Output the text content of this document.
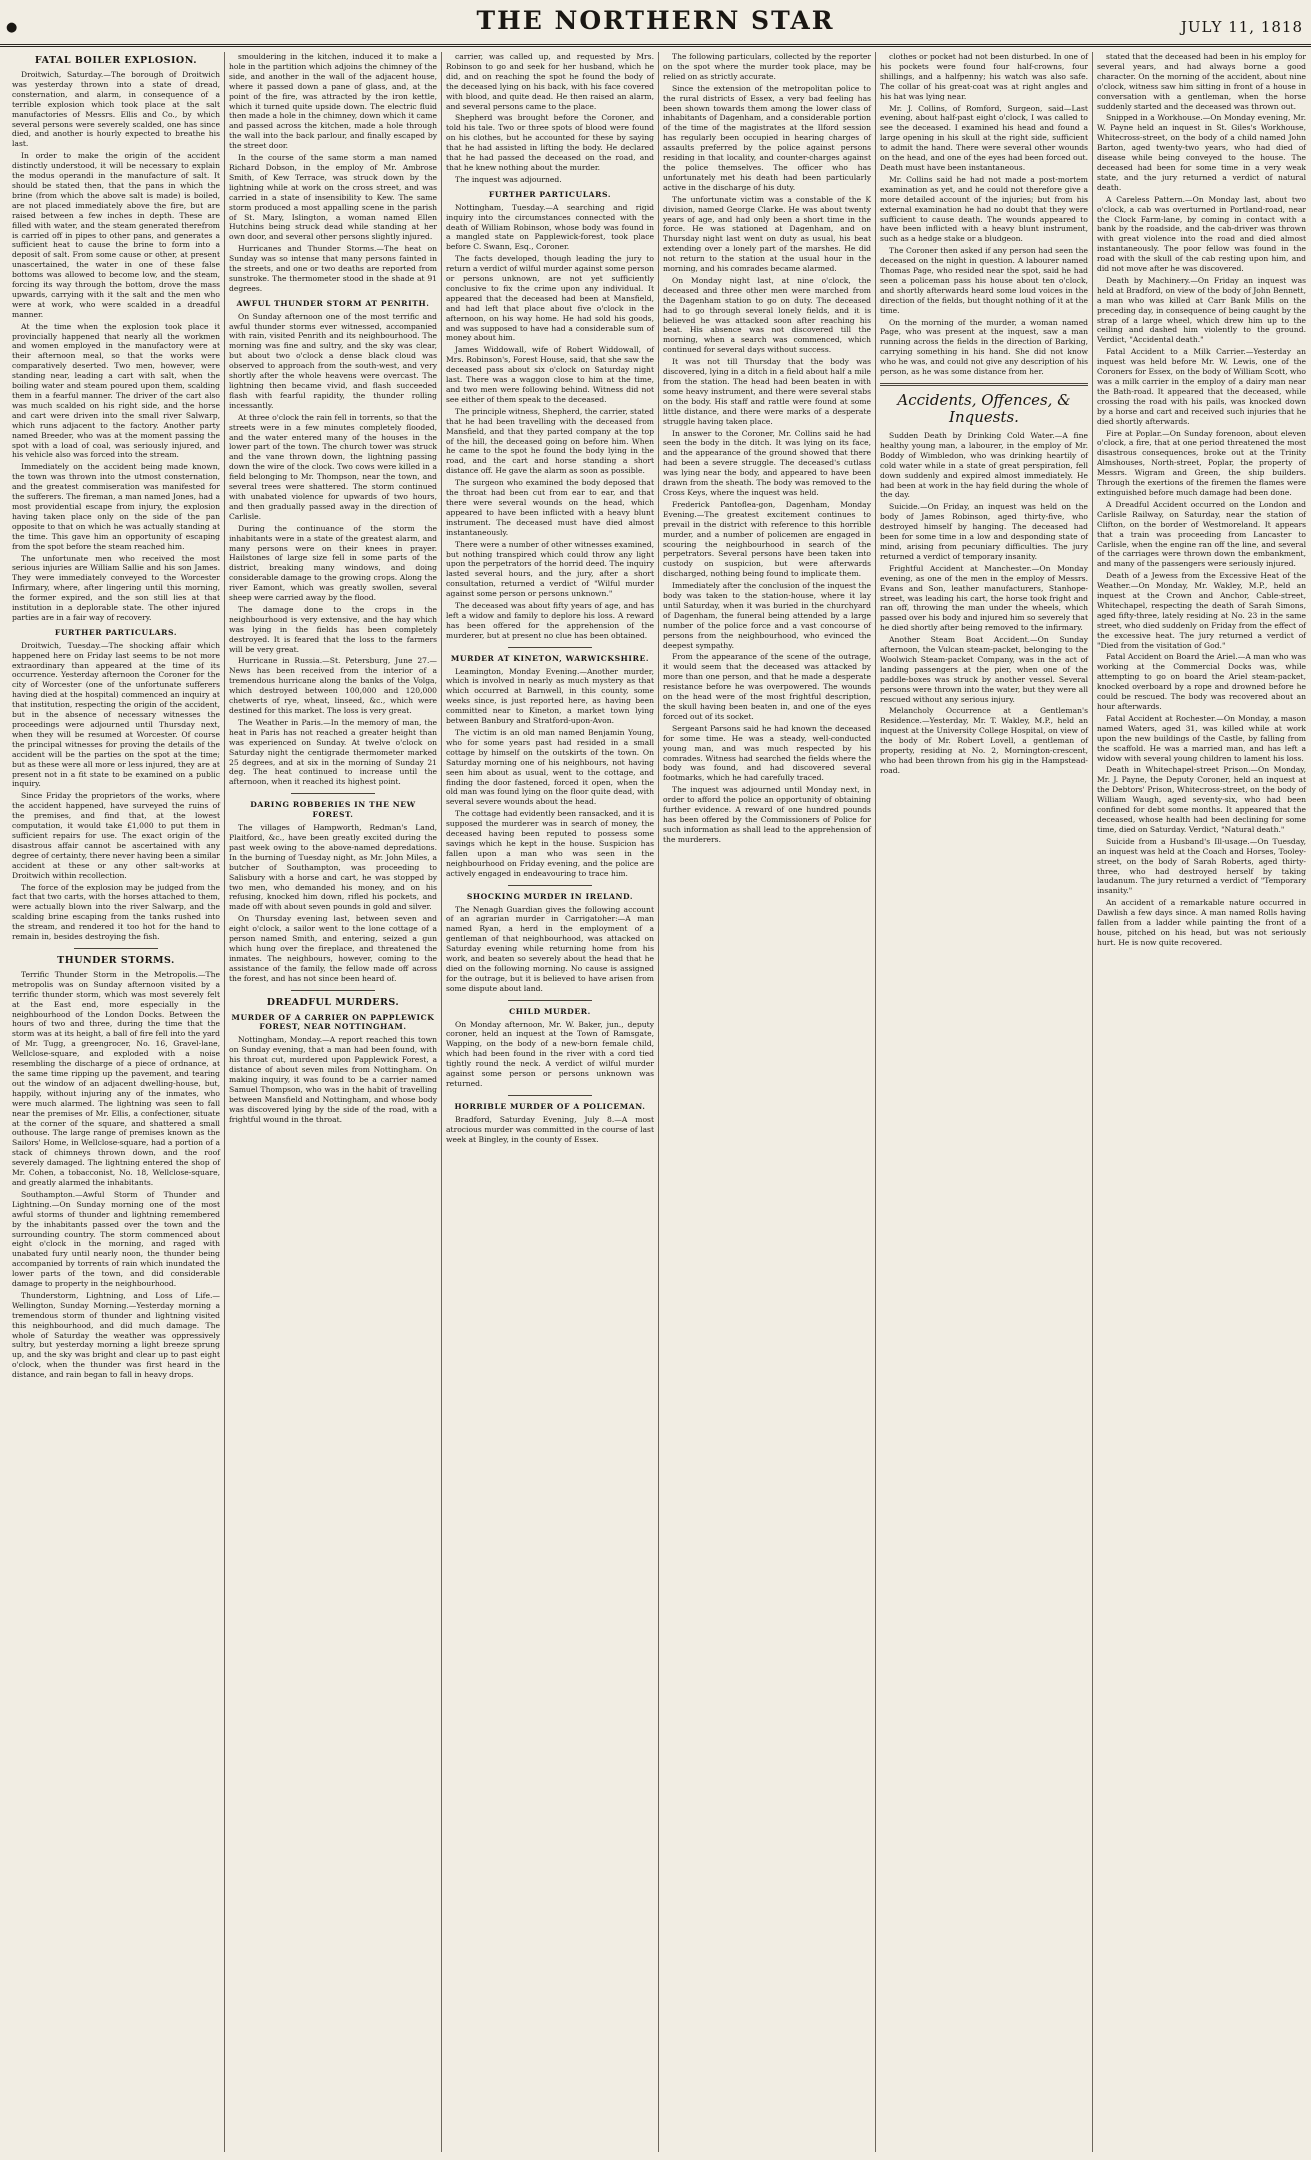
●	THE NORTHERN STAR	JULY 11, 1818
FATAL BOILER EXPLOSION.

Droitwich, Saturday.—The borough of Droitwich was yesterday thrown into a state of dread, consternation, and alarm, in consequence of a terrible explosion which took place at the salt manufactories of Messrs. Ellis and Co., by which several persons were severely scalded, one has since died, and another is hourly expected to breathe his last.

In order to make the origin of the accident distinctly understood, it will be necessary to explain the modus operandi in the manufacture of salt. It should be stated then, that the pans in which the brine (from which the above salt is made) is boiled, are not placed immediately above the fire, but are raised between a few inches in depth. These are filled with water, and the steam generated therefrom is carried off in pipes to other pans, and generates a sufficient heat to cause the brine to form into a deposit of salt. From some cause or other, at present unascertained, the water in one of these false bottoms was allowed to become low, and the steam, forcing its way through the bottom, drove the mass upwards, carrying with it the salt and the men who were at work, who were scalded in a dreadful manner.

At the time when the explosion took place it provincially happened that nearly all the workmen and women employed in the manufactory were at their afternoon meal, so that the works were comparatively deserted. Two men, however, were standing near, leading a cart with salt, when the boiling water and steam poured upon them, scalding them in a fearful manner. The driver of the cart also was much scalded on his right side, and the horse and cart were driven into the small river Salwarp, which runs adjacent to the factory. Another party named Breeder, who was at the moment passing the spot with a load of coal, was seriously injured, and his vehicle also was forced into the stream.

Immediately on the accident being made known, the town was thrown into the utmost consternation, and the greatest commiseration was manifested for the sufferers. The fireman, a man named Jones, had a most providential escape from injury, the explosion having taken place only on the side of the pan opposite to that on which he was actually standing at the time. This gave him an opportunity of escaping from the spot before the steam reached him.

The unfortunate men who received the most serious injuries are William Sallie and his son James. They were immediately conveyed to the Worcester Infirmary, where, after lingering until this morning, the former expired, and the son still lies at that institution in a deplorable state. The other injured parties are in a fair way of recovery.

FURTHER PARTICULARS.

Droitwich, Tuesday.—The shocking affair which happened here on Friday last seems to be not more extraordinary than appeared at the time of its occurrence. Yesterday afternoon the Coroner for the city of Worcester (one of the unfortunate sufferers having died at the hospital) commenced an inquiry at that institution, respecting the origin of the accident, but in the absence of necessary witnesses the proceedings were adjourned until Thursday next, when they will be resumed at Worcester. Of course the principal witnesses for proving the details of the accident will be the parties on the spot at the time; but as these were all more or less injured, they are at present not in a fit state to be examined on a public inquiry.

Since Friday the proprietors of the works, where the accident happened, have surveyed the ruins of the premises, and find that, at the lowest computation, it would take £1,000 to put them in sufficient repairs for use. The exact origin of the disastrous affair cannot be ascertained with any degree of certainty, there never having been a similar accident at these or any other salt-works at Droitwich within recollection.

The force of the explosion may be judged from the fact that two carts, with the horses attached to them, were actually blown into the river Salwarp, and the scalding brine escaping from the tanks rushed into the stream, and rendered it too hot for the hand to remain in, besides destroying the fish.

THUNDER STORMS.

Terrific Thunder Storm in the Metropolis.—The metropolis was on Sunday afternoon visited by a terrific thunder storm, which was most severely felt at the East end, more especially in the neighbourhood of the London Docks. Between the hours of two and three, during the time that the storm was at its height, a ball of fire fell into the yard of Mr. Tugg, a greengrocer, No. 16, Gravel-lane, Wellclose-square, and exploded with a noise resembling the discharge of a piece of ordnance, at the same time ripping up the pavement, and tearing out the window of an adjacent dwelling-house, but, happily, without injuring any of the inmates, who were much alarmed. The lightning was seen to fall near the premises of Mr. Ellis, a confectioner, situate at the corner of the square, and shattered a small outhouse. The large range of premises known as the Sailors' Home, in Wellclose-square, had a portion of a stack of chimneys thrown down, and the roof severely damaged. The lightning entered the shop of Mr. Cohen, a tobacconist, No. 18, Wellclose-square, and greatly alarmed the inhabitants.

Southampton.—Awful Storm of Thunder and Lightning.—On Sunday morning one of the most awful storms of thunder and lightning remembered by the inhabitants passed over the town and the surrounding country. The storm commenced about eight o'clock in the morning, and raged with unabated fury until nearly noon, the thunder being accompanied by torrents of rain which inundated the lower parts of the town, and did considerable damage to property in the neighbourhood.

Thunderstorm, Lightning, and Loss of Life.—Wellington, Sunday Morning.—Yesterday morning a tremendous storm of thunder and lightning visited this neighbourhood, and did much damage. The whole of Saturday the weather was oppressively sultry, but yesterday morning a light breeze sprung up, and the sky was bright and clear up to past eight o'clock, when the thunder was first heard in the distance, and rain began to fall in heavy drops.

smouldering in the kitchen, induced it to make a hole in the partition which adjoins the chimney of the side, and another in the wall of the adjacent house, where it passed down a pane of glass, and, at the point of the fire, was attracted by the iron kettle, which it turned quite upside down. The electric fluid then made a hole in the chimney, down which it came and passed across the kitchen, made a hole through the wall into the back parlour, and finally escaped by the street door.

In the course of the same storm a man named Richard Dobson, in the employ of Mr. Ambrose Smith, of Kew Terrace, was struck down by the lightning while at work on the cross street, and was carried in a state of insensibility to Kew. The same storm produced a most appalling scene in the parish of St. Mary, Islington, a woman named Ellen Hutchins being struck dead while standing at her own door, and several other persons slightly injured.

Hurricanes and Thunder Storms.—The heat on Sunday was so intense that many persons fainted in the streets, and one or two deaths are reported from sunstroke. The thermometer stood in the shade at 91 degrees.

AWFUL THUNDER STORM AT PENRITH.

On Sunday afternoon one of the most terrific and awful thunder storms ever witnessed, accompanied with rain, visited Penrith and its neighbourhood. The morning was fine and sultry, and the sky was clear, but about two o'clock a dense black cloud was observed to approach from the south-west, and very shortly after the whole heavens were overcast. The lightning then became vivid, and flash succeeded flash with fearful rapidity, the thunder rolling incessantly.

At three o'clock the rain fell in torrents, so that the streets were in a few minutes completely flooded, and the water entered many of the houses in the lower part of the town. The church tower was struck and the vane thrown down, the lightning passing down the wire of the clock. Two cows were killed in a field belonging to Mr. Thompson, near the town, and several trees were shattered. The storm continued with unabated violence for upwards of two hours, and then gradually passed away in the direction of Carlisle.

During the continuance of the storm the inhabitants were in a state of the greatest alarm, and many persons were on their knees in prayer. Hailstones of large size fell in some parts of the district, breaking many windows, and doing considerable damage to the growing crops. Along the river Eamont, which was greatly swollen, several sheep were carried away by the flood.

The damage done to the crops in the neighbourhood is very extensive, and the hay which was lying in the fields has been completely destroyed. It is feared that the loss to the farmers will be very great.

Hurricane in Russia.—St. Petersburg, June 27.—News has been received from the interior of a tremendous hurricane along the banks of the Volga, which destroyed between 100,000 and 120,000 chetwerts of rye, wheat, linseed, &c., which were destined for this market. The loss is very great.

The Weather in Paris.—In the memory of man, the heat in Paris has not reached a greater height than was experienced on Sunday. At twelve o'clock on Saturday night the centigrade thermometer marked 25 degrees, and at six in the morning of Sunday 21 deg. The heat continued to increase until the afternoon, when it reached its highest point.

DARING ROBBERIES IN THE NEW FOREST.

The villages of Hampworth, Redman's Land, Plaitford, &c., have been greatly excited during the past week owing to the above-named depredations. In the burning of Tuesday night, as Mr. John Miles, a butcher of Southampton, was proceeding to Salisbury with a horse and cart, he was stopped by two men, who demanded his money, and on his refusing, knocked him down, rifled his pockets, and made off with about seven pounds in gold and silver.

On Thursday evening last, between seven and eight o'clock, a sailor went to the lone cottage of a person named Smith, and entering, seized a gun which hung over the fireplace, and threatened the inmates. The neighbours, however, coming to the assistance of the family, the fellow made off across the forest, and has not since been heard of.

DREADFUL MURDERS.
MURDER OF A CARRIER ON PAPPLEWICK FOREST, NEAR NOTTINGHAM.

Nottingham, Monday.—A report reached this town on Sunday evening, that a man had been found, with his throat cut, murdered upon Papplewick Forest, a distance of about seven miles from Nottingham. On making inquiry, it was found to be a carrier named Samuel Thompson, who was in the habit of travelling between Mansfield and Nottingham, and whose body was discovered lying by the side of the road, with a frightful wound in the throat.

carrier, was called up, and requested by Mrs. Robinson to go and seek for her husband, which he did, and on reaching the spot he found the body of the deceased lying on his back, with his face covered with blood, and quite dead. He then raised an alarm, and several persons came to the place.

Shepherd was brought before the Coroner, and told his tale. Two or three spots of blood were found on his clothes, but he accounted for these by saying that he had assisted in lifting the body. He declared that he had passed the deceased on the road, and that he knew nothing about the murder.

The inquest was adjourned.

FURTHER PARTICULARS.

Nottingham, Tuesday.—A searching and rigid inquiry into the circumstances connected with the death of William Robinson, whose body was found in a mangled state on Papplewick-forest, took place before C. Swann, Esq., Coroner.

The facts developed, though leading the jury to return a verdict of wilful murder against some person or persons unknown, are not yet sufficiently conclusive to fix the crime upon any individual. It appeared that the deceased had been at Mansfield, and had left that place about five o'clock in the afternoon, on his way home. He had sold his goods, and was supposed to have had a considerable sum of money about him.

James Widdowall, wife of Robert Widdowall, of Mrs. Robinson's, Forest House, said, that she saw the deceased pass about six o'clock on Saturday night last. There was a waggon close to him at the time, and two men were following behind. Witness did not see either of them speak to the deceased.

The principle witness, Shepherd, the carrier, stated that he had been travelling with the deceased from Mansfield, and that they parted company at the top of the hill, the deceased going on before him. When he came to the spot he found the body lying in the road, and the cart and horse standing a short distance off. He gave the alarm as soon as possible.

The surgeon who examined the body deposed that the throat had been cut from ear to ear, and that there were several wounds on the head, which appeared to have been inflicted with a heavy blunt instrument. The deceased must have died almost instantaneously.

There were a number of other witnesses examined, but nothing transpired which could throw any light upon the perpetrators of the horrid deed. The inquiry lasted several hours, and the jury, after a short consultation, returned a verdict of "Wilful murder against some person or persons unknown."

The deceased was about fifty years of age, and has left a widow and family to deplore his loss. A reward has been offered for the apprehension of the murderer, but at present no clue has been obtained.

MURDER AT KINETON, WARWICKSHIRE.

Leamington, Monday Evening.—Another murder, which is involved in nearly as much mystery as that which occurred at Barnwell, in this county, some weeks since, is just reported here, as having been committed near to Kineton, a market town lying between Banbury and Stratford-upon-Avon.

The victim is an old man named Benjamin Young, who for some years past had resided in a small cottage by himself on the outskirts of the town. On Saturday morning one of his neighbours, not having seen him about as usual, went to the cottage, and finding the door fastened, forced it open, when the old man was found lying on the floor quite dead, with several severe wounds about the head.

The cottage had evidently been ransacked, and it is supposed the murderer was in search of money, the deceased having been reputed to possess some savings which he kept in the house. Suspicion has fallen upon a man who was seen in the neighbourhood on Friday evening, and the police are actively engaged in endeavouring to trace him.

SHOCKING MURDER IN IRELAND.

The Nenagh Guardian gives the following account of an agrarian murder in Carrigatoher:—A man named Ryan, a herd in the employment of a gentleman of that neighbourhood, was attacked on Saturday evening while returning home from his work, and beaten so severely about the head that he died on the following morning. No cause is assigned for the outrage, but it is believed to have arisen from some dispute about land.

CHILD MURDER.

On Monday afternoon, Mr. W. Baker, jun., deputy coroner, held an inquest at the Town of Ramsgate, Wapping, on the body of a new-born female child, which had been found in the river with a cord tied tightly round the neck. A verdict of wilful murder against some person or persons unknown was returned.

HORRIBLE MURDER OF A POLICEMAN.

Bradford, Saturday Evening, July 8.—A most atrocious murder was committed in the course of last week at Bingley, in the county of Essex.

The following particulars, collected by the reporter on the spot where the murder took place, may be relied on as strictly accurate.

Since the extension of the metropolitan police to the rural districts of Essex, a very bad feeling has been shown towards them among the lower class of inhabitants of Dagenham, and a considerable portion of the time of the magistrates at the Ilford session has regularly been occupied in hearing charges of assaults preferred by the police against persons residing in that locality, and counter-charges against the police themselves. The officer who has unfortunately met his death had been particularly active in the discharge of his duty.

The unfortunate victim was a constable of the K division, named George Clarke. He was about twenty years of age, and had only been a short time in the force. He was stationed at Dagenham, and on Thursday night last went on duty as usual, his beat extending over a lonely part of the marshes. He did not return to the station at the usual hour in the morning, and his comrades became alarmed.

On Monday night last, at nine o'clock, the deceased and three other men were marched from the Dagenham station to go on duty. The deceased had to go through several lonely fields, and it is believed he was attacked soon after reaching his beat. His absence was not discovered till the morning, when a search was commenced, which continued for several days without success.

It was not till Thursday that the body was discovered, lying in a ditch in a field about half a mile from the station. The head had been beaten in with some heavy instrument, and there were several stabs on the body. His staff and rattle were found at some little distance, and there were marks of a desperate struggle having taken place.

In answer to the Coroner, Mr. Collins said he had seen the body in the ditch. It was lying on its face, and the appearance of the ground showed that there had been a severe struggle. The deceased's cutlass was lying near the body, and appeared to have been drawn from the sheath. The body was removed to the Cross Keys, where the inquest was held.

Frederick Pantoflea-gon, Dagenham, Monday Evening.—The greatest excitement continues to prevail in the district with reference to this horrible murder, and a number of policemen are engaged in scouring the neighbourhood in search of the perpetrators. Several persons have been taken into custody on suspicion, but were afterwards discharged, nothing being found to implicate them.

Immediately after the conclusion of the inquest the body was taken to the station-house, where it lay until Saturday, when it was buried in the churchyard of Dagenham, the funeral being attended by a large number of the police force and a vast concourse of persons from the neighbourhood, who evinced the deepest sympathy.

From the appearance of the scene of the outrage, it would seem that the deceased was attacked by more than one person, and that he made a desperate resistance before he was overpowered. The wounds on the head were of the most frightful description, the skull having been beaten in, and one of the eyes forced out of its socket.

Sergeant Parsons said he had known the deceased for some time. He was a steady, well-conducted young man, and was much respected by his comrades. Witness had searched the fields where the body was found, and had discovered several footmarks, which he had carefully traced.

The inquest was adjourned until Monday next, in order to afford the police an opportunity of obtaining further evidence. A reward of one hundred pounds has been offered by the Commissioners of Police for such information as shall lead to the apprehension of the murderers.

clothes or pocket had not been disturbed. In one of his pockets were found four half-crowns, four shillings, and a halfpenny; his watch was also safe. The collar of his great-coat was at right angles and his hat was lying near.

Mr. J. Collins, of Romford, Surgeon, said—Last evening, about half-past eight o'clock, I was called to see the deceased. I examined his head and found a large opening in his skull at the right side, sufficient to admit the hand. There were several other wounds on the head, and one of the eyes had been forced out. Death must have been instantaneous.

Mr. Collins said he had not made a post-mortem examination as yet, and he could not therefore give a more detailed account of the injuries; but from his external examination he had no doubt that they were sufficient to cause death. The wounds appeared to have been inflicted with a heavy blunt instrument, such as a hedge stake or a bludgeon.

The Coroner then asked if any person had seen the deceased on the night in question. A labourer named Thomas Page, who resided near the spot, said he had seen a policeman pass his house about ten o'clock, and shortly afterwards heard some loud voices in the direction of the fields, but thought nothing of it at the time.

On the morning of the murder, a woman named Page, who was present at the inquest, saw a man running across the fields in the direction of Barking, carrying something in his hand. She did not know who he was, and could not give any description of his person, as he was some distance from her.

Accidents, Offences, & Inquests.

Sudden Death by Drinking Cold Water.—A fine healthy young man, a labourer, in the employ of Mr. Boddy of Wimbledon, who was drinking heartily of cold water while in a state of great perspiration, fell down suddenly and expired almost immediately. He had been at work in the hay field during the whole of the day.

Suicide.—On Friday, an inquest was held on the body of James Robinson, aged thirty-five, who destroyed himself by hanging. The deceased had been for some time in a low and desponding state of mind, arising from pecuniary difficulties. The jury returned a verdict of temporary insanity.

Frightful Accident at Manchester.—On Monday evening, as one of the men in the employ of Messrs. Evans and Son, leather manufacturers, Stanhope-street, was leading his cart, the horse took fright and ran off, throwing the man under the wheels, which passed over his body and injured him so severely that he died shortly after being removed to the infirmary.

Another Steam Boat Accident.—On Sunday afternoon, the Vulcan steam-packet, belonging to the Woolwich Steam-packet Company, was in the act of landing passengers at the pier, when one of the paddle-boxes was struck by another vessel. Several persons were thrown into the water, but they were all rescued without any serious injury.

Melancholy Occurrence at a Gentleman's Residence.—Yesterday, Mr. T. Wakley, M.P., held an inquest at the University College Hospital, on view of the body of Mr. Robert Lovell, a gentleman of property, residing at No. 2, Mornington-crescent, who had been thrown from his gig in the Hampstead-road.

stated that the deceased had been in his employ for several years, and had always borne a good character. On the morning of the accident, about nine o'clock, witness saw him sitting in front of a house in conversation with a gentleman, when the horse suddenly started and the deceased was thrown out.

Snipped in a Workhouse.—On Monday evening, Mr. W. Payne held an inquest in St. Giles's Workhouse, Whitecross-street, on the body of a child named John Barton, aged twenty-two years, who had died of disease while being conveyed to the house. The deceased had been for some time in a very weak state, and the jury returned a verdict of natural death.

A Careless Pattern.—On Monday last, about two o'clock, a cab was overturned in Portland-road, near the Clock Farm-lane, by coming in contact with a bank by the roadside, and the cab-driver was thrown with great violence into the road and died almost instantaneously. The poor fellow was found in the road with the skull of the cab resting upon him, and did not move after he was discovered.

Death by Machinery.—On Friday an inquest was held at Bradford, on view of the body of John Bennett, a man who was killed at Carr Bank Mills on the preceding day, in consequence of being caught by the strap of a large wheel, which drew him up to the ceiling and dashed him violently to the ground. Verdict, "Accidental death."

Fatal Accident to a Milk Carrier.—Yesterday an inquest was held before Mr. W. Lewis, one of the Coroners for Essex, on the body of William Scott, who was a milk carrier in the employ of a dairy man near the Bath-road. It appeared that the deceased, while crossing the road with his pails, was knocked down by a horse and cart and received such injuries that he died shortly afterwards.

Fire at Poplar.—On Sunday forenoon, about eleven o'clock, a fire, that at one period threatened the most disastrous consequences, broke out at the Trinity Almshouses, North-street, Poplar, the property of Messrs. Wigram and Green, the ship builders. Through the exertions of the firemen the flames were extinguished before much damage had been done.

A Dreadful Accident occurred on the London and Carlisle Railway, on Saturday, near the station of Clifton, on the border of Westmoreland. It appears that a train was proceeding from Lancaster to Carlisle, when the engine ran off the line, and several of the carriages were thrown down the embankment, and many of the passengers were seriously injured.

Death of a Jewess from the Excessive Heat of the Weather.—On Monday, Mr. Wakley, M.P., held an inquest at the Crown and Anchor, Cable-street, Whitechapel, respecting the death of Sarah Simons, aged fifty-three, lately residing at No. 23 in the same street, who died suddenly on Friday from the effect of the excessive heat. The jury returned a verdict of "Died from the visitation of God."

Fatal Accident on Board the Ariel.—A man who was working at the Commercial Docks was, while attempting to go on board the Ariel steam-packet, knocked overboard by a rope and drowned before he could be rescued. The body was recovered about an hour afterwards.

Fatal Accident at Rochester.—On Monday, a mason named Waters, aged 31, was killed while at work upon the new buildings of the Castle, by falling from the scaffold. He was a married man, and has left a widow with several young children to lament his loss.

Death in Whitechapel-street Prison.—On Monday, Mr. J. Payne, the Deputy Coroner, held an inquest at the Debtors' Prison, Whitecross-street, on the body of William Waugh, aged seventy-six, who had been confined for debt some months. It appeared that the deceased, whose health had been declining for some time, died on Saturday. Verdict, "Natural death."

Suicide from a Husband's Ill-usage.—On Tuesday, an inquest was held at the Coach and Horses, Tooley-street, on the body of Sarah Roberts, aged thirty-three, who had destroyed herself by taking laudanum. The jury returned a verdict of "Temporary insanity."

An accident of a remarkable nature occurred in Dawlish a few days since. A man named Rolls having fallen from a ladder while painting the front of a house, pitched on his head, but was not seriously hurt. He is now quite recovered.
